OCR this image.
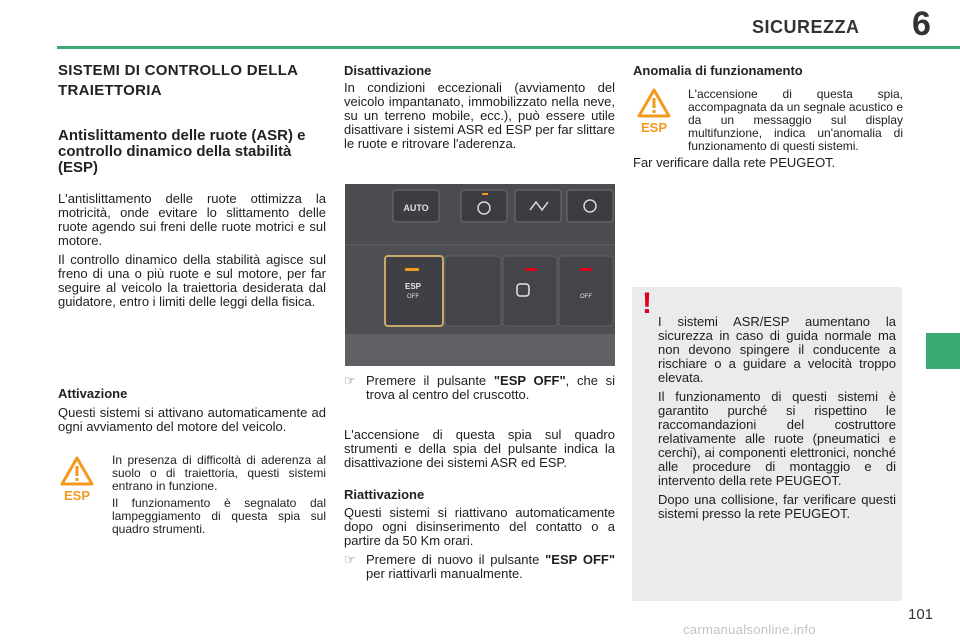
SICUREZZA 6
SISTEMI DI CONTROLLO DELLA TRAIETTORIA
Antislittamento delle ruote (ASR) e controllo dinamico della stabilità (ESP)

L'antislittamento delle ruote ottimizza la motricità, onde evitare lo slittamento delle ruote agendo sui freni delle ruote motrici e sul motore.

Il controllo dinamico della stabilità agisce sul freno di una o più ruote e sul motore, per far seguire al veicolo la traiettoria desiderata dal guidatore, entro i limiti delle leggi della fisica.

Attivazione

Questi sistemi si attivano automaticamente ad ogni avviamento del motore del veicolo.

ESP

In presenza di difficoltà di aderenza al suolo o di traiettoria, questi sistemi entrano in funzione.

Il funzionamento è segnalato dal lampeggiamento di questa spia sul quadro strumenti.

Disattivazione

In condizioni eccezionali (avviamento del veicolo impantanato, immobilizzato nella neve, su un terreno mobile, ecc.), può essere utile disattivare i sistemi ASR ed ESP per far slittare le ruote e ritrovare l'aderenza.

AUTO
ESP
OFF	OFF
☞ Premere il pulsante "ESP OFF", che si trova al centro del cruscotto.

L'accensione di questa spia sul quadro strumenti e della spia del pulsante indica la disattivazione dei sistemi ASR ed ESP.

Riattivazione

Questi sistemi si riattivano automaticamente dopo ogni disinserimento del contatto o a partire da 50 Km orari.

☞ Premere di nuovo il pulsante "ESP OFF" per riattivarli manualmente.

Anomalia di funzionamento
ESP

L'accensione di questa spia, accompagnata da un segnale acustico e da un messaggio sul display multifunzione, indica un'anomalia di funzionamento di questi sistemi.

Far verificare dalla rete PEUGEOT.

!

I sistemi ASR/ESP aumentano la sicurezza in caso di guida normale ma non devono spingere il conducente a rischiare o a guidare a velocità troppo elevata.

Il funzionamento di questi sistemi è garantito purché si rispettino le raccomandazioni del costruttore relativamente alle ruote (pneumatici e cerchi), ai componenti elettronici, nonché alle procedure di montaggio e di intervento della rete PEUGEOT.

Dopo una collisione, far verificare questi sistemi presso la rete PEUGEOT.

101
carmanualsonline.info
